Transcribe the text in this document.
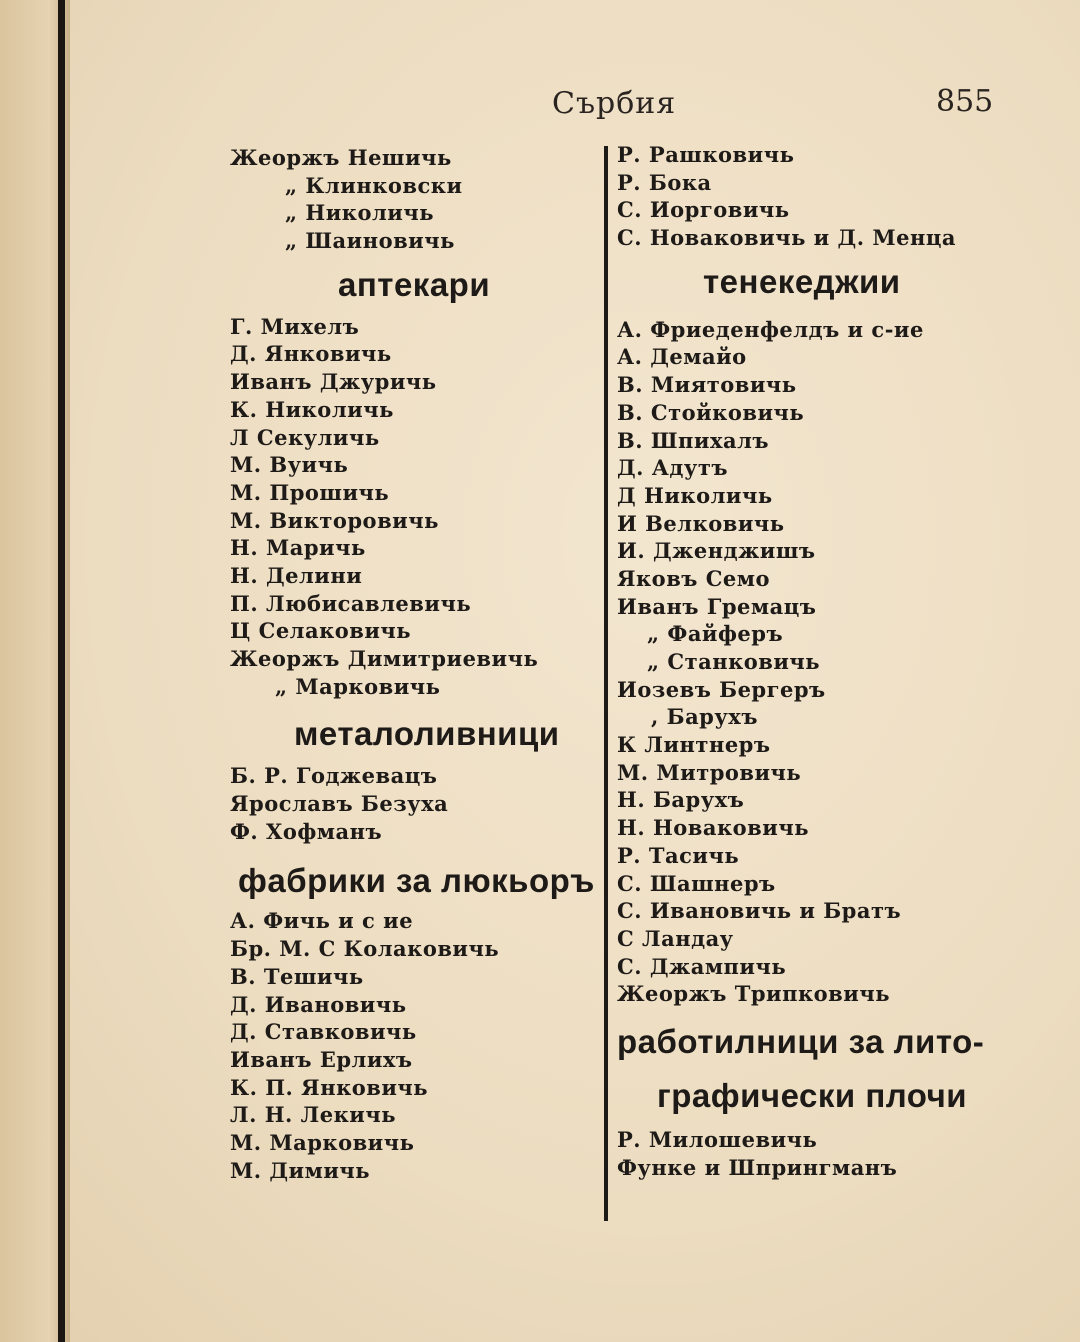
Сърбия	855
Жеоржъ Нешичь
„ Клинковски
„ Николичь
„ Шаиновичь
аптекари
Г. Михелъ
Д. Янковичь
Иванъ Джуричь
К. Николичь
Л Секуличь
М. Вуичь
М. Прошичь
М. Викторовичь
Н. Маричь
Н. Делини
П. Любисавлевичь
Ц Селаковичь
Жеоржъ Димитриевичь
„ Марковичь
металоливници
Б. Р. Годжевацъ
Ярославъ Безуха
Ф. Хофманъ
фабрики за люкьоръ
А. Фичь и с ие
Бр. М. С Колаковичь
В. Тешичь
Д. Ивановичь
Д. Ставковичь
Иванъ Ерлихъ
К. П. Янковичь
Л. Н. Лекичь
М. Марковичь
М. Димичь
Р. Рашковичь
Р. Бока
С. Иорговичь
С. Новаковичь и Д. Менца
тенекеджии
А. Фриеденфелдъ и с-ие
А. Демайо
В. Миятовичь
В. Стойковичь
В. Шпихалъ
Д. Адутъ
Д Николичь
И Велковичь
И. Дженджишъ
Яковъ Семо
Иванъ Гремацъ
„ Файферъ
„ Станковичь
Иозевъ Бергеръ
, Барухъ
К Линтнеръ
М. Митровичь
Н. Барухъ
Н. Новаковичь
Р. Тасичь
С. Шашнеръ
С. Ивановичь и Братъ
С Ландау
С. Джампичь
Жеоржъ Трипковичь
работилници за лито-
графически плочи
Р. Милошевичь
Функе и Шпрингманъ
